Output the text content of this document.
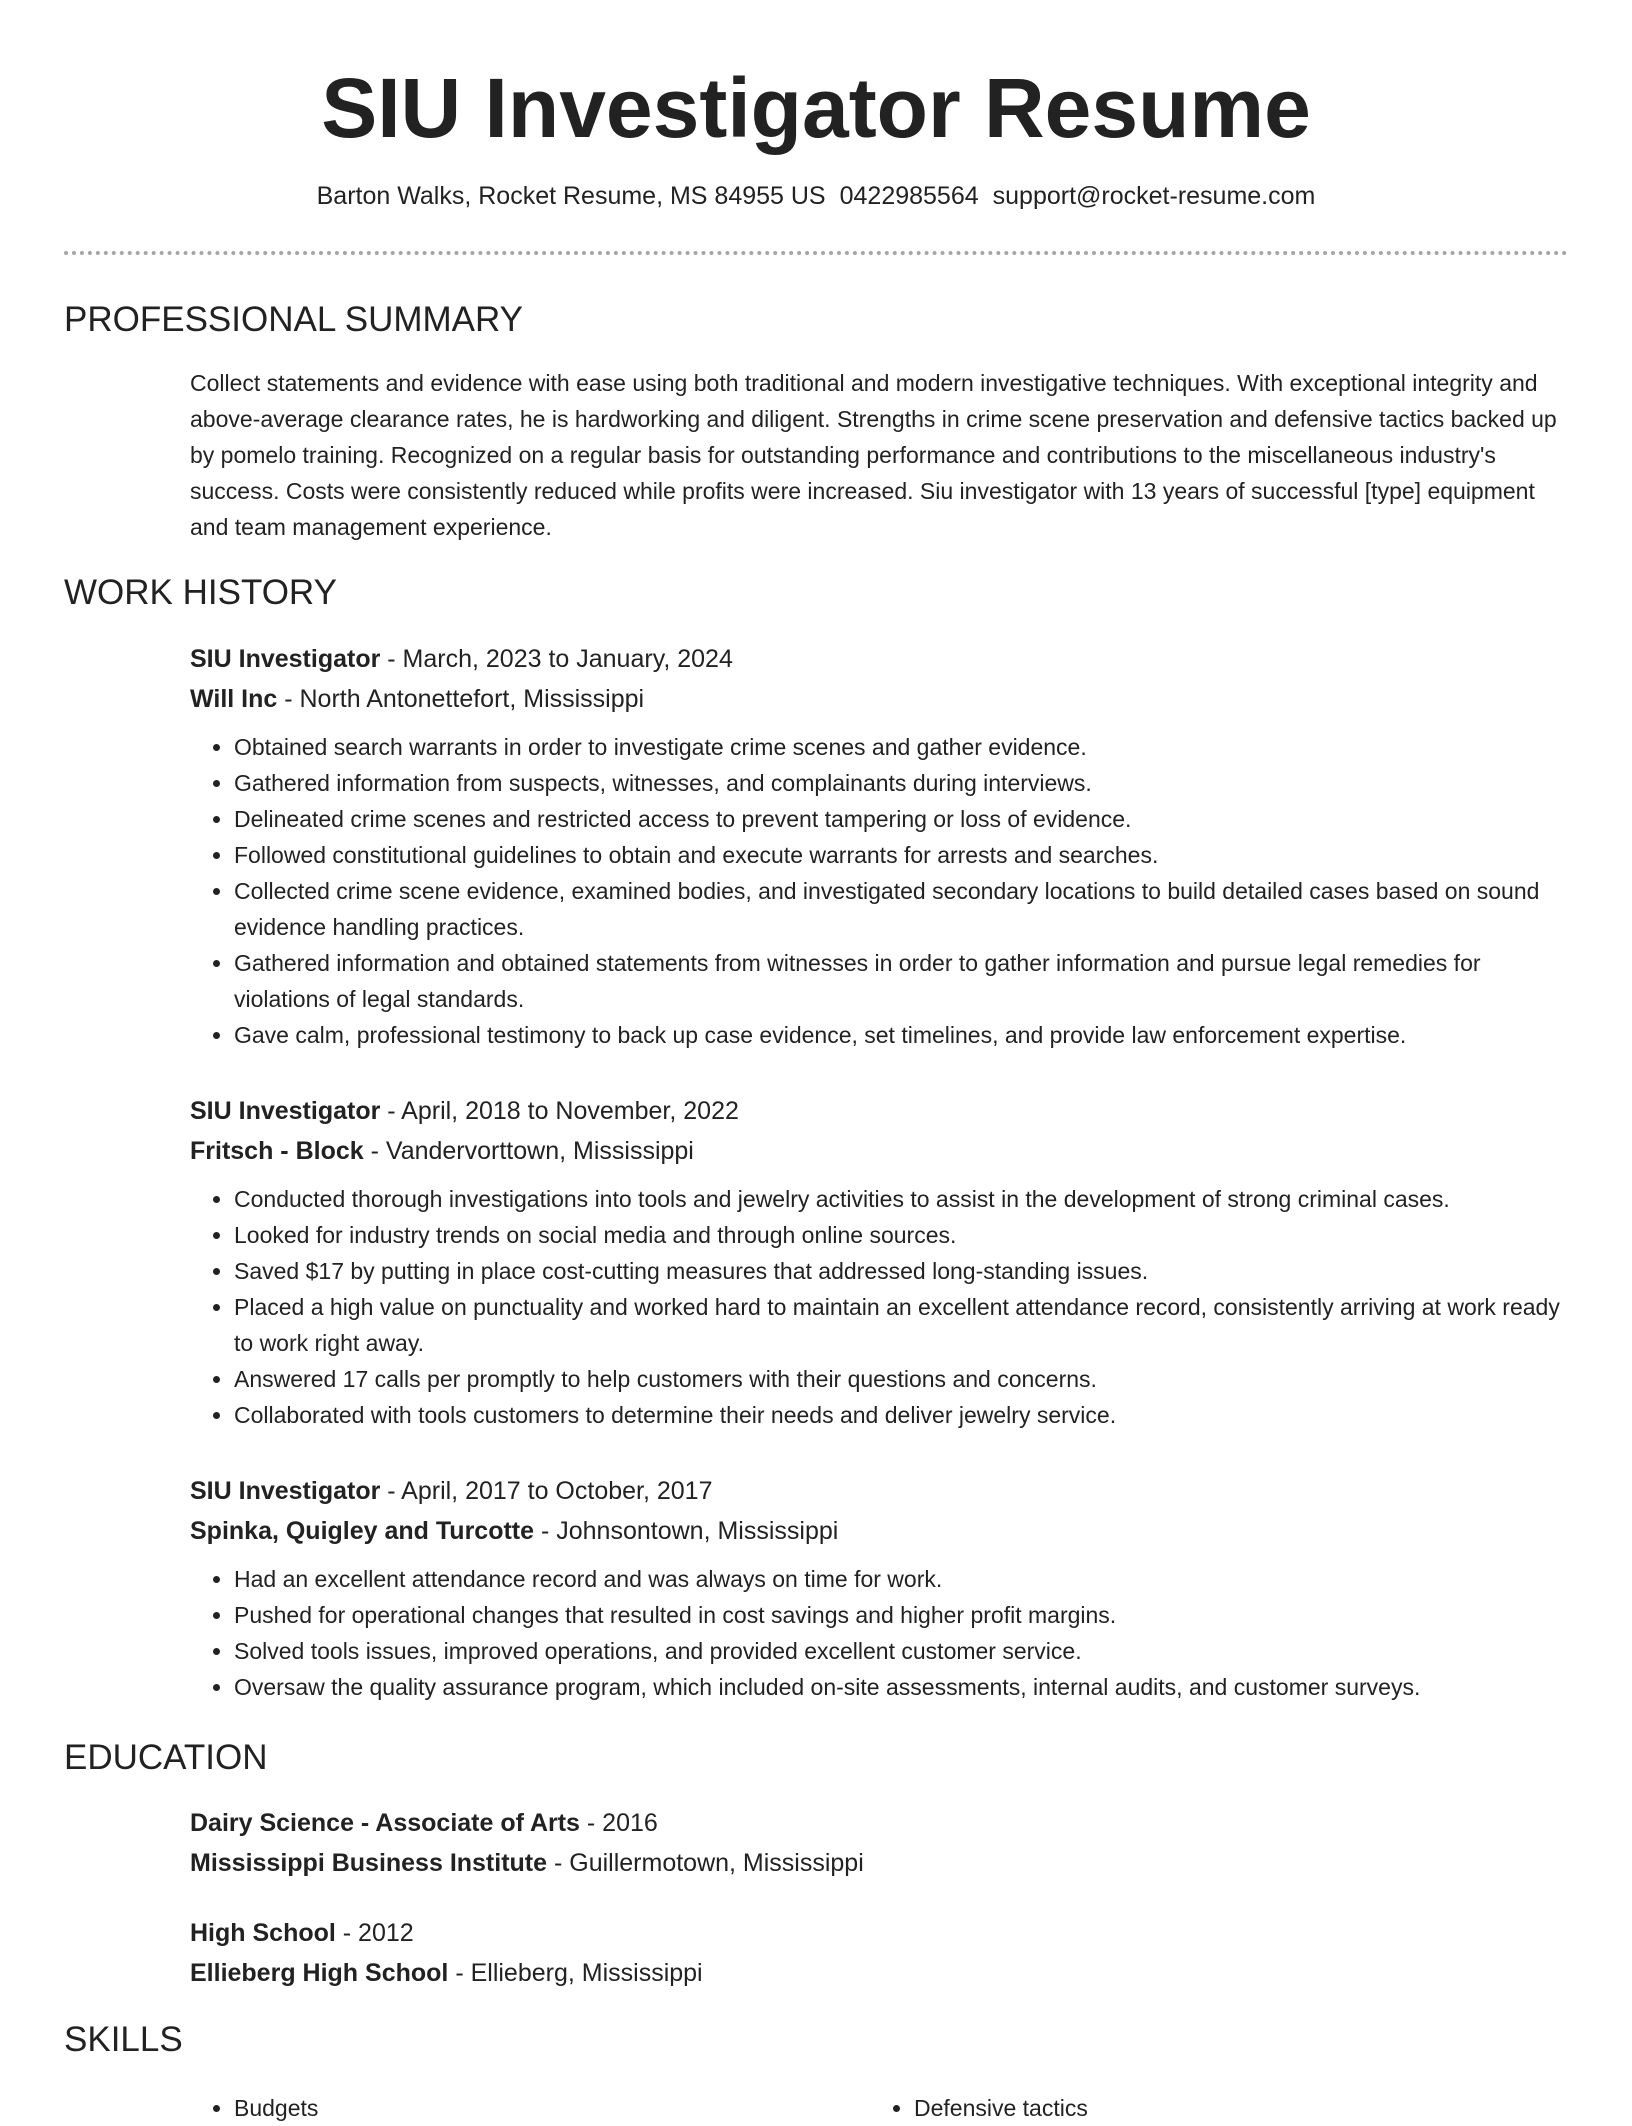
SIU Investigator Resume
Barton Walks, Rocket Resume, MS 84955 US 0422985564 support@rocket-resume.com
PROFESSIONAL SUMMARY

Collect statements and evidence with ease using both traditional and modern investigative techniques. With exceptional integrity and above-average clearance rates, he is hardworking and diligent. Strengths in crime scene preservation and defensive tactics backed up by pomelo training. Recognized on a regular basis for outstanding performance and contributions to the miscellaneous industry's success. Costs were consistently reduced while profits were increased. Siu investigator with 13 years of successful [type] equipment and team management experience.

WORK HISTORY
SIU Investigator - March, 2023 to January, 2024
Will Inc - North Antonettefort, Mississippi
• Obtained search warrants in order to investigate crime scenes and gather evidence.
• Gathered information from suspects, witnesses, and complainants during interviews.
• Delineated crime scenes and restricted access to prevent tampering or loss of evidence.
• Followed constitutional guidelines to obtain and execute warrants for arrests and searches.
• Collected crime scene evidence, examined bodies, and investigated secondary locations to build detailed cases based on sound evidence handling practices.
• Gathered information and obtained statements from witnesses in order to gather information and pursue legal remedies for violations of legal standards.
• Gave calm, professional testimony to back up case evidence, set timelines, and provide law enforcement expertise.
SIU Investigator - April, 2018 to November, 2022
Fritsch - Block - Vandervorttown, Mississippi
• Conducted thorough investigations into tools and jewelry activities to assist in the development of strong criminal cases.
• Looked for industry trends on social media and through online sources.
• Saved $17 by putting in place cost-cutting measures that addressed long-standing issues.
• Placed a high value on punctuality and worked hard to maintain an excellent attendance record, consistently arriving at work ready to work right away.
• Answered 17 calls per promptly to help customers with their questions and concerns.
• Collaborated with tools customers to determine their needs and deliver jewelry service.
SIU Investigator - April, 2017 to October, 2017
Spinka, Quigley and Turcotte - Johnsontown, Mississippi
• Had an excellent attendance record and was always on time for work.
• Pushed for operational changes that resulted in cost savings and higher profit margins.
• Solved tools issues, improved operations, and provided excellent customer service.
• Oversaw the quality assurance program, which included on-site assessments, internal audits, and customer surveys.
EDUCATION
Dairy Science - Associate of Arts - 2016
Mississippi Business Institute - Guillermotown, Mississippi
High School - 2012
Ellieberg High School - Ellieberg, Mississippi
SKILLS
• Budgets
•	Defensive tactics
